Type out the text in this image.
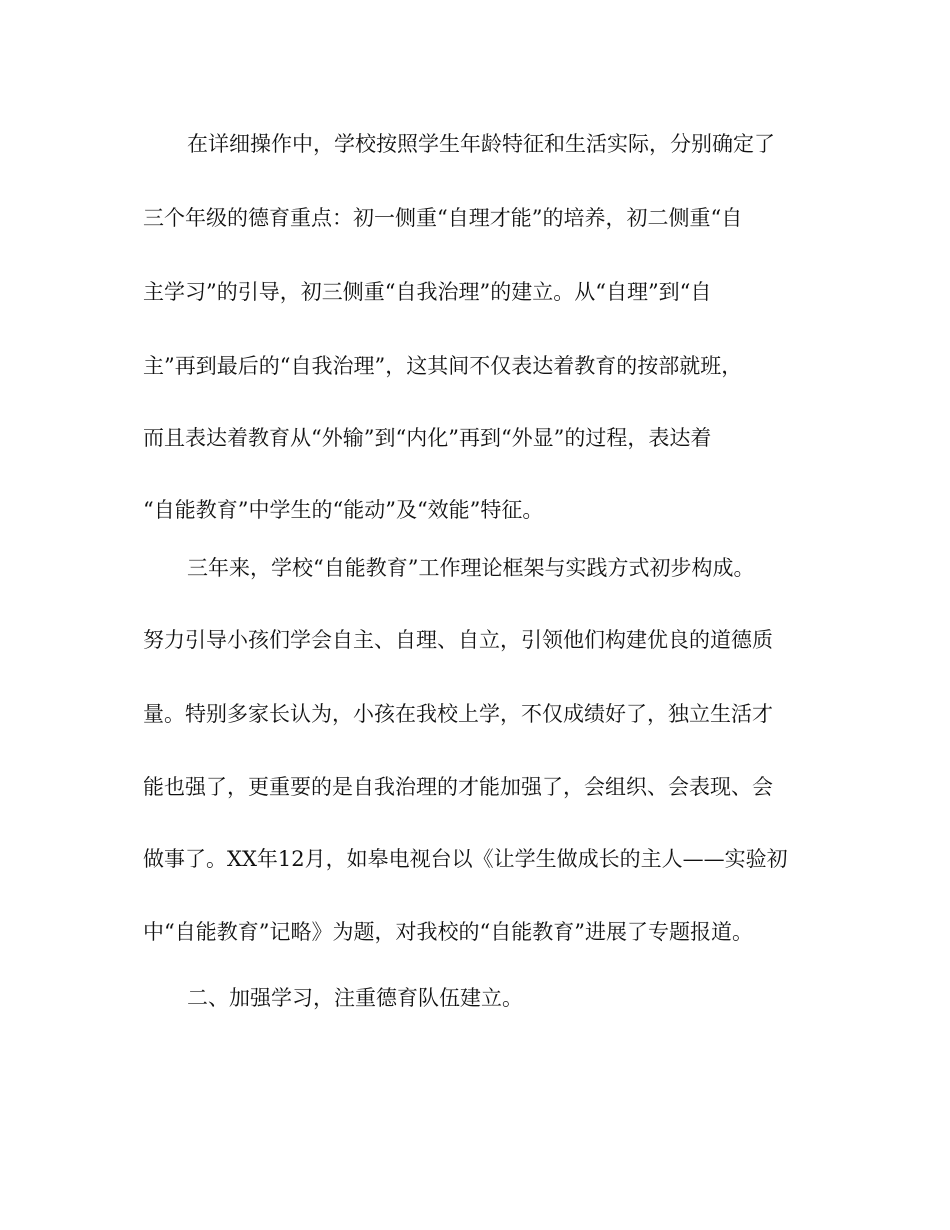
在详细操作中，学校按照学生年龄特征和生活实际，分别确定了
三个年级的德育重点：初一侧重“自理才能”的培养，初二侧重“自
主学习”的引导，初三侧重“自我治理”的建立。从“自理”到“自
主”再到最后的“自我治理”，这其间不仅表达着教育的按部就班，
而且表达着教育从“外输”到“内化”再到“外显”的过程，表达着
“自能教育”中学生的“能动”及“效能”特征。
三年来，学校“自能教育”工作理论框架与实践方式初步构成。
努力引导小孩们学会自主、自理、自立，引领他们构建优良的道德质
量。特别多家长认为，小孩在我校上学，不仅成绩好了，独立生活才
能也强了，更重要的是自我治理的才能加强了，会组织、会表现、会
做事了。XX年12月，如皋电视台以《让学生做成长的主人——实验初
中“自能教育”记略》为题，对我校的“自能教育”进展了专题报道。
二、加强学习，注重德育队伍建立。
